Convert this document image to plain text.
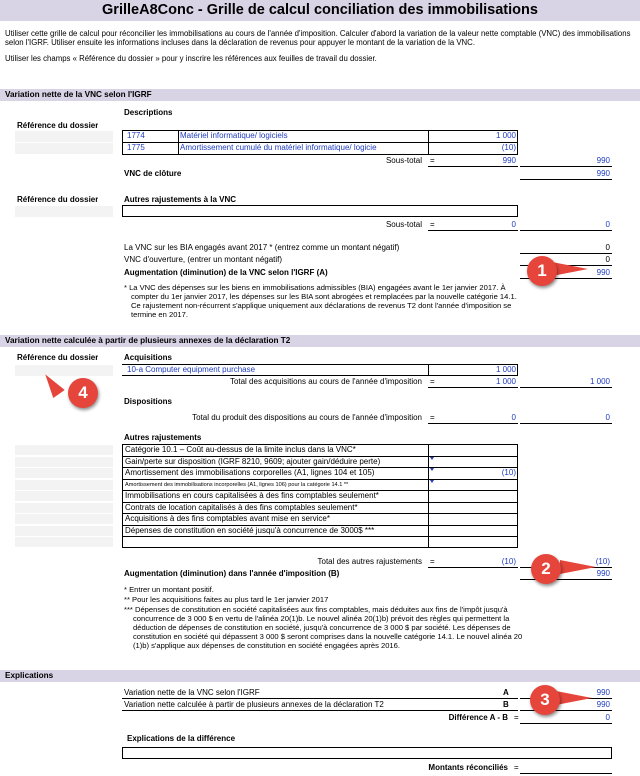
GrilleA8Conc - Grille de calcul conciliation des immobilisations

Utiliser cette grille de calcul pour réconcilier les immobilisations au cours de l'année d'imposition. Calculer d'abord la variation de la valeur nette comptable (VNC) des immobilisations selon l'IGRF. Utiliser ensuite les informations incluses dans la déclaration de revenus pour appuyer le montant de la variation de la VNC.

Utiliser les champs « Référence du dossier » pour y inscrire les références aux feuilles de travail du dossier.

Variation nette de la VNC selon l'IGRF
Descriptions
Référence du dossier
1774	Matériel informatique/ logiciels	1 000
1775	Amortissement cumulé du matériel informatique/ logicie	(10)
Sous-total =	990	990
VNC de clôture	990
Référence du dossier	Autres rajustements à la VNC
Sous-total =	0	0
La VNC sur les BIA engagés avant 2017 * (entrez comme un montant négatif)	0
VNC d'ouverture, (entrer un montant négatif)	0
Augmentation (diminution) de la VNC selon l'IGRF (A)	990
* La VNC des dépenses sur les biens en immobilisations admissibles (BIA) engagées avant le 1er janvier 2017. À
compter du 1er janvier 2017, les dépenses sur les BIA sont abrogées et remplacées par la nouvelle catégorie 14.1.
Ce rajustement non-récurrent s'applique uniquement aux déclarations de revenus T2 dont l'année d'imposition se
termine en 2017.
Variation nette calculée à partir de plusieurs annexes de la déclaration T2
Référence du dossier	Acquisitions
10-a Computer equipment purchase	1 000
Total des acquisitions au cours de l'année d'imposition =	1 000	1 000
Dispositions
Total du produit des dispositions au cours de l'année d'imposition =	0	0
Autres rajustements
Catégorie 10.1 – Coût au-dessus de la limite inclus dans la VNC*
Gain/perte sur disposition (IGRF 8210, 9609; ajouter gain/déduire perte)
Amortissement des immobilisations corporelles (A1, lignes 104 et 105)	(10)
Amortissement des immobilisations incorporelles (A1, lignes 106) pour la catégorie 14.1 **
Immobilisations en cours capitalisées à des fins comptables seulement*
Contrats de location capitalisés à des fins comptables seulement*
Acquisitions à des fins comptables avant mise en service*
Dépenses de constitution en société jusqu'à concurrence de 3000$ ***
Total des autres rajustements =	(10)	(10)
Augmentation (diminution) dans l'année d'imposition (B)	990
* Entrer un montant positif.
** Pour les acquisitions faites au plus tard le 1er janvier 2017
*** Dépenses de constitution en société capitalisées aux fins comptables, mais déduites aux fins de l'impôt jusqu'à
concurrence de 3 000 $ en vertu de l'alinéa 20(1)b. Le nouvel alinéa 20(1)b) prévoit des règles qui permettent la
déduction de dépenses de constitution en société, jusqu'à concurrence de 3 000 $ par société. Les dépenses de
constitution en société qui dépassent 3 000 $ seront comprises dans la nouvelle catégorie 14.1. Le nouvel alinéa 20
(1)b) s'applique aux dépenses de constitution en société engagées après 2016.
Explications
Variation nette de la VNC selon l'IGRF	A	990
Variation nette calculée à partir de plusieurs annexes de la déclaration T2	B	990
Différence A - B =	0
Explications de la différence
Montants réconciliés =
1
2
3
4
